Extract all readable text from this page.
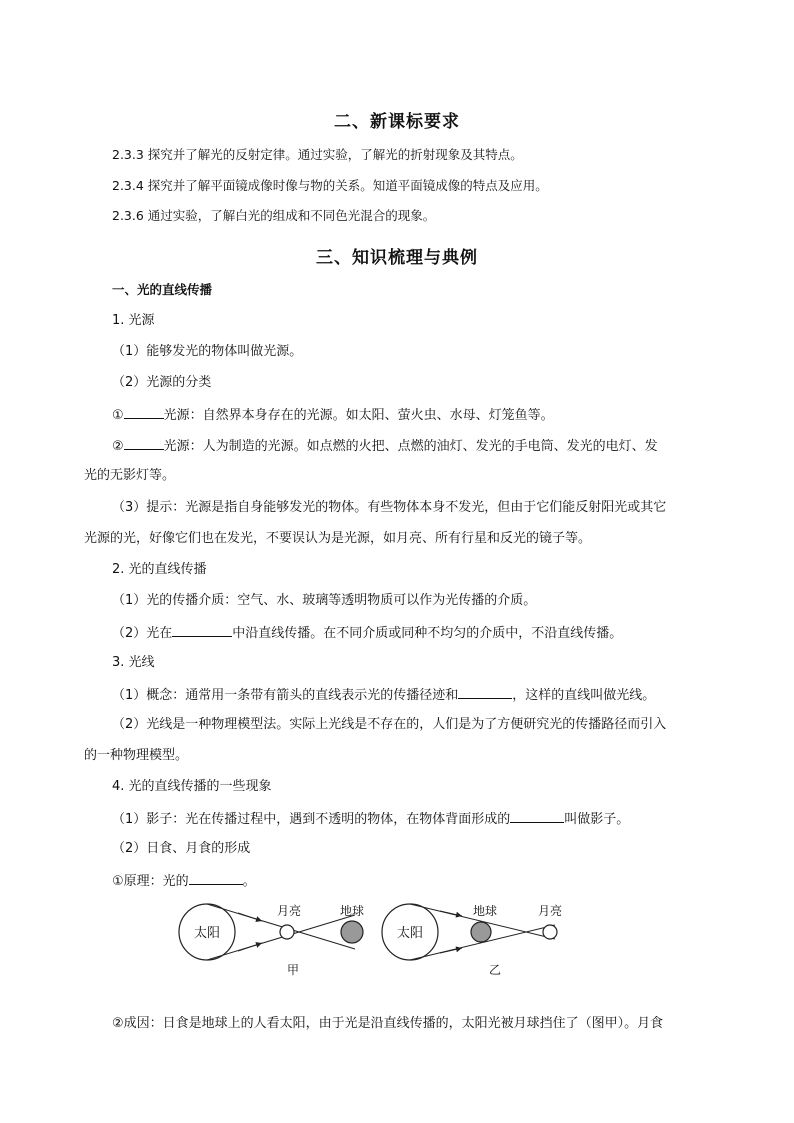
二、新课标要求
2.3.3 探究并了解光的反射定律。通过实验，了解光的折射现象及其特点。
2.3.4 探究并了解平面镜成像时像与物的关系。知道平面镜成像的特点及应用。
2.3.6 通过实验，了解白光的组成和不同色光混合的现象。
三、知识梳理与典例
一、光的直线传播
1. 光源
（1）能够发光的物体叫做光源。
（2）光源的分类
①	光源：自然界本身存在的光源。如太阳、萤火虫、水母、灯笼鱼等。
②	光源：人为制造的光源。如点燃的火把、点燃的油灯、发光的手电筒、发光的电灯、发
光的无影灯等。
（3）提示：光源是指自身能够发光的物体。有些物体本身不发光，但由于它们能反射阳光或其它
光源的光，好像它们也在发光，不要误认为是光源，如月亮、所有行星和反光的镜子等。
2. 光的直线传播
（1）光的传播介质：空气、水、玻璃等透明物质可以作为光传播的介质。
（2）光在	中沿直线传播。在不同介质或同种不均匀的介质中，不沿直线传播。
3. 光线
（1）概念：通常用一条带有箭头的直线表示光的传播径迹和	，这样的直线叫做光线。
（2）光线是一种物理模型法。实际上光线是不存在的，人们是为了方便研究光的传播路径而引入
的一种物理模型。
4. 光的直线传播的一些现象
（1）影子：光在传播过程中，遇到不透明的物体，在物体背面形成的	叫做影子。
（2）日食、月食的形成
①原理：光的	。
太阳
月亮	地球
甲
太阳
地球	月亮
乙
②成因：日食是地球上的人看太阳，由于光是沿直线传播的，太阳光被月球挡住了（图甲）。月食
